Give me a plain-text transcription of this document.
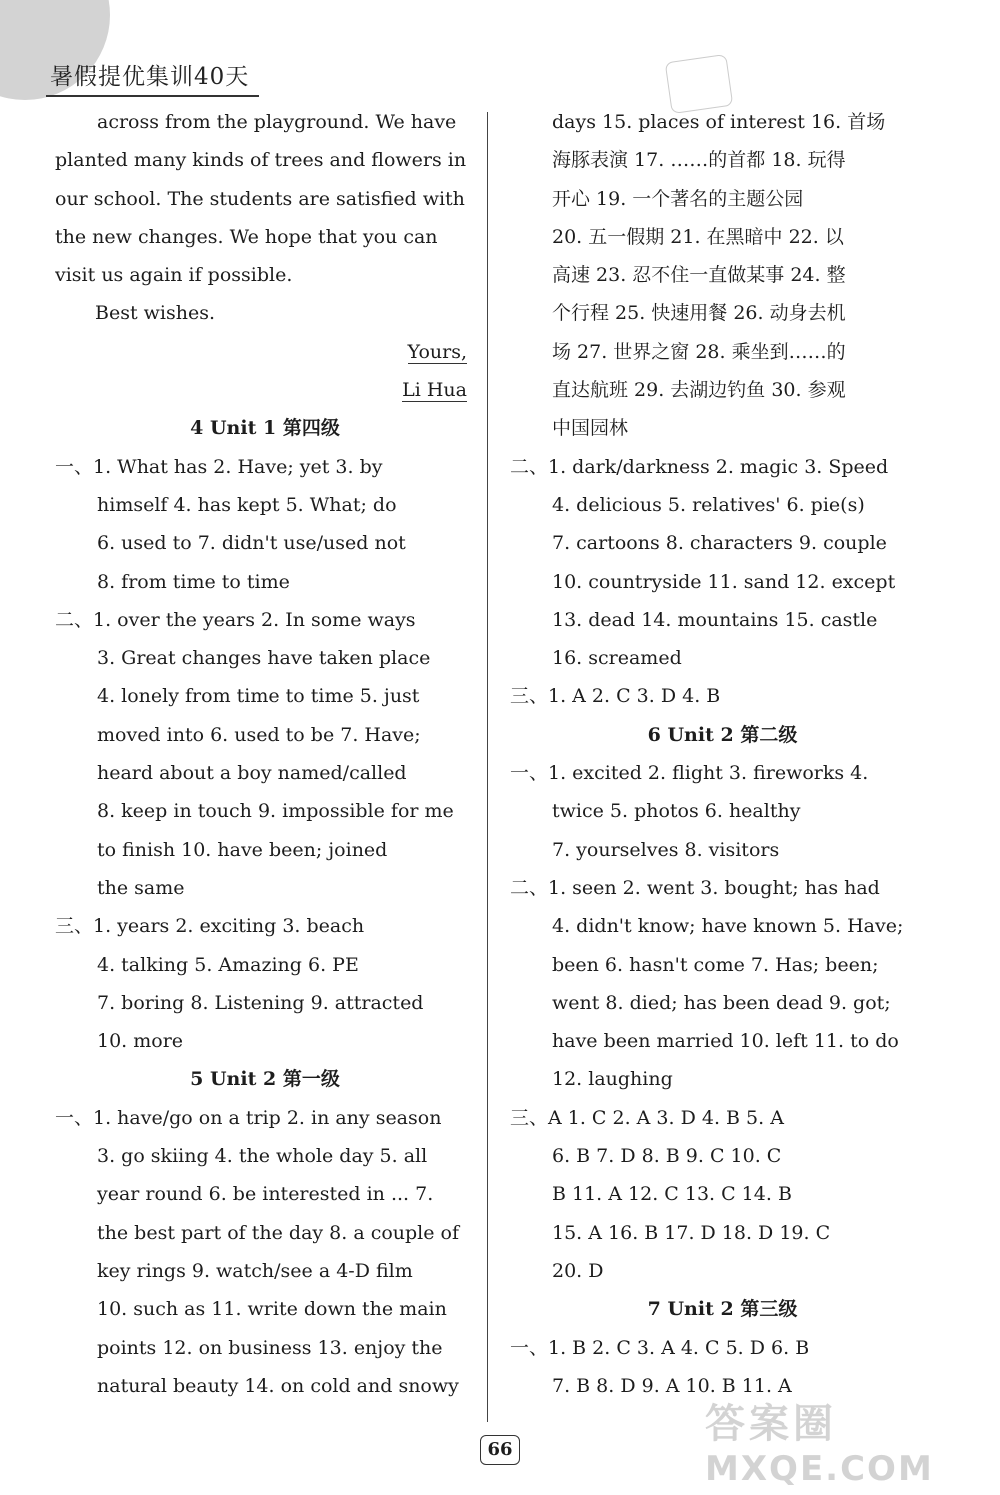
暑假提优集训40天
across from the playground. We have
planted many kinds of trees and flowers in
our school. The students are satisfied with
the new changes. We hope that you can
visit us again if possible.
Best wishes.
Yours,
Li Hua
4 Unit 1 第四级
一、1. What has 2. Have; yet 3. by
himself 4. has kept 5. What; do
6. used to 7. didn't use/used not
8. from time to time
二、1. over the years 2. In some ways
3. Great changes have taken place
4. lonely from time to time 5. just
moved into 6. used to be 7. Have;
heard about a boy named/called
8. keep in touch 9. impossible for me
to finish 10. have been; joined
the same
三、1. years 2. exciting 3. beach
4. talking 5. Amazing 6. PE
7. boring 8. Listening 9. attracted
10. more
5 Unit 2 第一级
一、1. have/go on a trip 2. in any season
3. go skiing 4. the whole day 5. all
year round 6. be interested in ... 7.
the best part of the day 8. a couple of
key rings 9. watch/see a 4-D film
10. such as 11. write down the main
points 12. on business 13. enjoy the
natural beauty 14. on cold and snowy
days 15. places of interest 16. 首场
海豚表演 17. ……的首都 18. 玩得
开心 19. 一个著名的主题公园
20. 五一假期 21. 在黑暗中 22. 以
高速 23. 忍不住一直做某事 24. 整
个行程 25. 快速用餐 26. 动身去机
场 27. 世界之窗 28. 乘坐到……的
直达航班 29. 去湖边钓鱼 30. 参观
中国园林
二、1. dark/darkness 2. magic 3. Speed
4. delicious 5. relatives' 6. pie(s)
7. cartoons 8. characters 9. couple
10. countryside 11. sand 12. except
13. dead 14. mountains 15. castle
16. screamed
三、1. A 2. C 3. D 4. B
6 Unit 2 第二级
一、1. excited 2. flight 3. fireworks 4.
twice 5. photos 6. healthy
7. yourselves 8. visitors
二、1. seen 2. went 3. bought; has had
4. didn't know; have known 5. Have;
been 6. hasn't come 7. Has; been;
went 8. died; has been dead 9. got;
have been married 10. left 11. to do
12. laughing
三、A 1. C 2. A 3. D 4. B 5. A
6. B 7. D 8. B 9. C 10. C
B 11. A 12. C 13. C 14. B
15. A 16. B 17. D 18. D 19. C
20. D
7 Unit 2 第三级
一、1. B 2. C 3. A 4. C 5. D 6. B
7. B 8. D 9. A 10. B 11. A
66
答案圈
MXQE.COM
